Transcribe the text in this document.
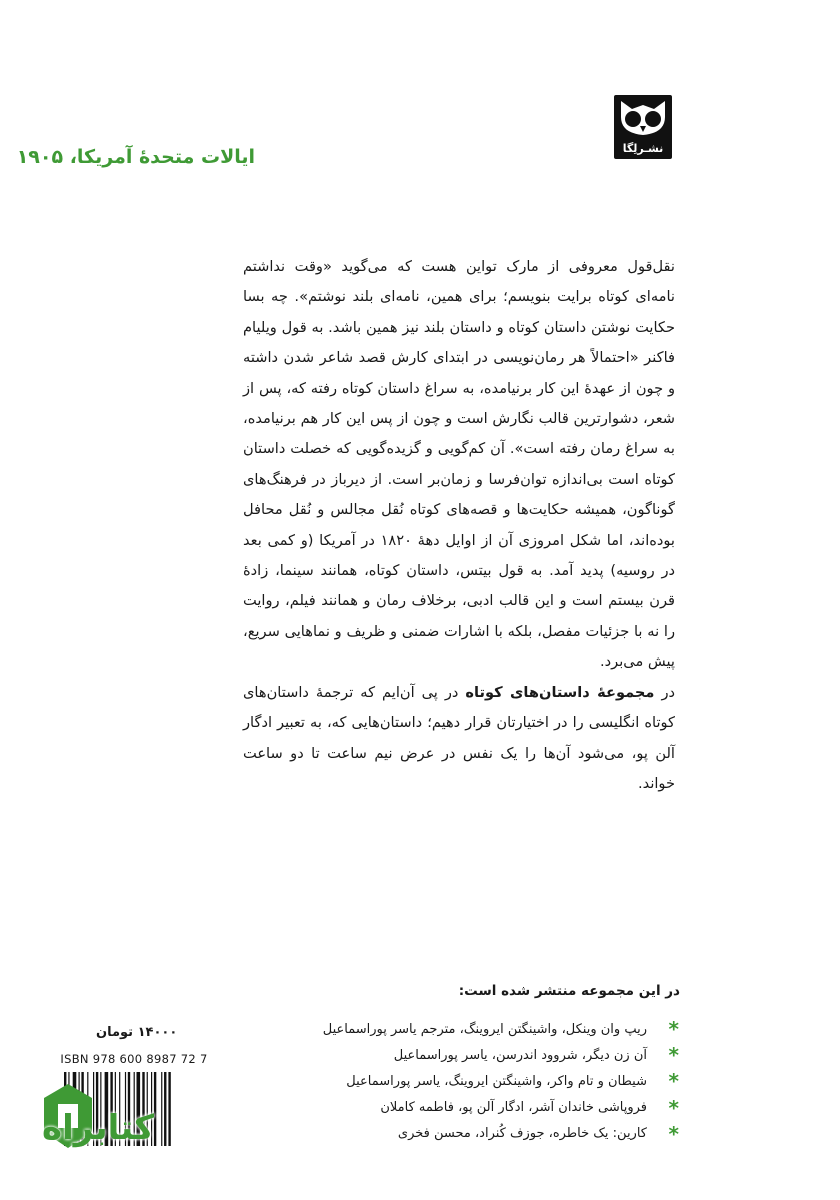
نشـرلِگا
ایالات متحدهٔ آمریکا، ۱۹۰۵

نقل‌قول معروفی از مارک تواین هست که می‌گوید «وقت نداشتم نامه‌ای کوتاه برایت بنویسم؛ برای همین، نامه‌ای بلند نوشتم». چه بسا حکایت نوشتن داستان کوتاه و داستان بلند نیز همین باشد. به قول ویلیام فاکنر «احتمالاً هر رمان‌نویسی در ابتدای کارش قصد شاعر شدن داشته و چون از عهدهٔ این کار برنیامده، به سراغ داستان کوتاه رفته که، پس از شعر، دشوارترین قالب نگارش است و چون از پس این کار هم برنیامده، به سراغ رمان رفته است». آن کم‌گویی و گزیده‌گویی که خصلت داستان کوتاه است بی‌اندازه توان‌فرسا و زمان‌بر است. از دیرباز در فرهنگ‌های گوناگون، همیشه حکایت‌ها و قصه‌های کوتاه نُقل مجالس و نُقل محافل بوده‌اند، اما شکل امروزی آن از اوایل دههٔ ۱۸۲۰ در آمریکا (و کمی بعد در روسیه) پدید آمد. به قول بیتس، داستان کوتاه، همانند سینما، زادهٔ قرن بیستم است و این قالب ادبی، برخلاف رمان و همانند فیلم، روایت را نه با جزئیات مفصل، بلکه با اشارات ضمنی و ظریف و نماهایی سریع، پیش می‌برد.

در مجموعهٔ داستان‌های کوتاه در پی آن‌ایم که ترجمهٔ داستان‌های کوتاه انگلیسی را در اختیارتان قرار دهیم؛ داستان‌هایی که، به تعبیر ادگار آلن پو، می‌شود آن‌ها را یک نفس در عرض نیم ساعت تا دو ساعت خواند.

در این مجموعه منتشر شده است:
*
ریپ وان وینکل، واشینگتن ایروینگ، مترجم یاسر پوراسماعیل
*
آن زن دیگر، شروود اندرسن، یاسر پوراسماعیل
*
شیطان و تام واکر، واشینگتن ایروینگ، یاسر پوراسماعیل
*
فروپاشی خاندان آشر، ادگار آلن پو، فاطمه کاملان
*
کارین: یک خاطره، جوزف کُنراد، محسن فخری
۱۴۰۰۰ تومان
ISBN 978 600 8987 72 7
کتابراه
